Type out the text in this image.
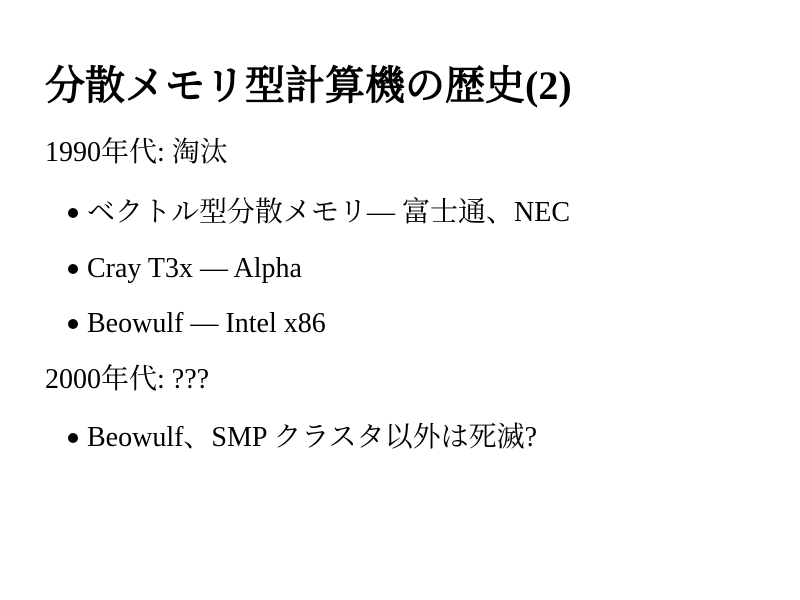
分散メモリ型計算機の歴史(2)
1990年代: 淘汰
ベクトル型分散メモリ— 富士通、NEC
Cray T3x — Alpha
Beowulf — Intel x86
2000年代: ???
Beowulf、SMP クラスタ以外は死滅?
